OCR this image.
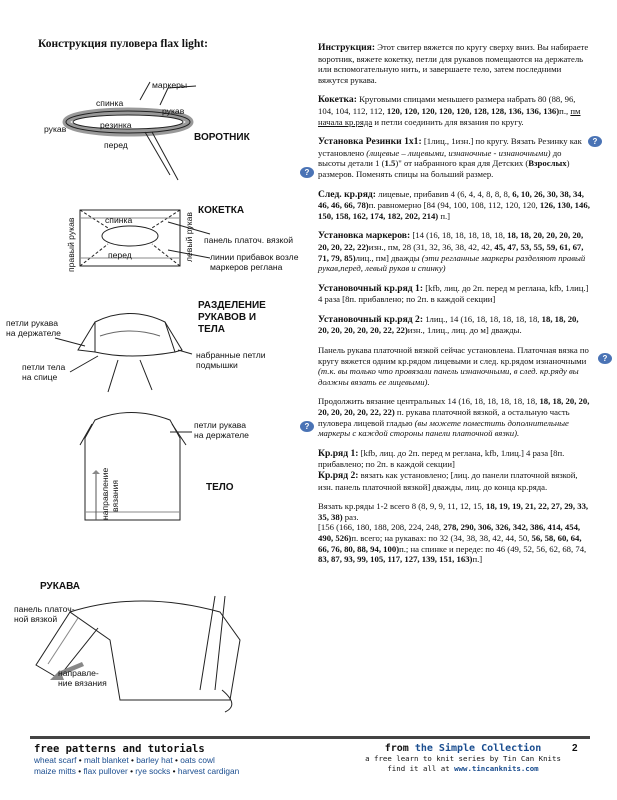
Конструкция пуловера flax light:
маркеры
спинка
рукав
рукав	резинка
перед
ВОРОТНИК
спинка
перед
правый рукав	левый рукав
КОКЕТКА
панель платоч. вязкой
линии прибавок возле
маркеров реглана
РАЗДЕЛЕНИЕ
РУКАВОВ И
ТЕЛА
петли рукава
на держателе
петли тела
на спице
набранные петли
подмышки
петли рукава
на держателе
ТЕЛО
направление вязания
РУКАВА
панель платоч-
ной вязкой
направле-
ние вязания
?
?
?
?

Инструкция: Этот свитер вяжется по кругу сверху вниз. Вы набираете воротник, вяжете кокетку, петли для рукавов помещаются на держатель или вспомогательную нить, и завершаете тело, затем последними вяжутся рукава.

Кокетка: Круговыми спицами меньшего размера набрать 80 (88, 96, 104, 104, 112, 112, 120, 120, 120, 120, 120, 128, 128, 136, 136, 136)п., пм начала кр.ряда и петли соединить для вязания по кругу.

Установка Резинки 1х1: [1лиц., 1изн.] по кругу. Вязать Резинку как установлено (лицевые – лицевыми, изнаночные - изнаночными) до высоты детали 1 (1.5)" от набранного края для Детских (Взрослых) размеров. Поменять спицы на больший размер.

След. кр.ряд: лицевые, прибавив 4 (6, 4, 4, 8, 8, 8, 6, 10, 26, 30, 38, 34, 46, 46, 66, 78)п. равномерно [84 (94, 100, 108, 112, 120, 120, 126, 130, 146, 150, 158, 162, 174, 182, 202, 214) п.]

Установка маркеров: [14 (16, 18, 18, 18, 18, 18, 18, 18, 20, 20, 20, 20, 20, 20, 22, 22)изн., пм, 28 (31, 32, 36, 38, 42, 42, 45, 47, 53, 55, 59, 61, 67, 71, 79, 85)лиц., пм] дважды (эти регланные маркеры разделяют правый рукав,перед, левый рукав и спинку)

Установочный кр.ряд 1: [kfb, лиц. до 2п. перед м реглана, kfb, 1лиц.] 4 раза [8п. прибавлено; по 2п. в каждой секции]

Установочный кр.ряд 2: 1лиц., 14 (16, 18, 18, 18, 18, 18, 18, 18, 20, 20, 20, 20, 20, 20, 22, 22)изн., 1лиц., лиц. до м] дважды.

Панель рукава платочной вязкой сейчас установлена. Платочная вязка по кругу вяжется одним кр.рядом лицевыми и след. кр.рядом изнаночными (т.к. вы только что провязали панель изнаночными, в след. кр.ряду вы должны вязать ее лицевыми).

Продолжить вязание центральных 14 (16, 18, 18, 18, 18, 18, 18, 18, 20, 20, 20, 20, 20, 20, 22, 22) п. рукава платочной вязкой, а остальную часть пуловера лицевой гладью (вы можете поместить дополнительные маркеры с каждой стороны панели платочной вязки).

Кр.ряд 1: [kfb, лиц. до 2п. перед м реглана, kfb, 1лиц.] 4 раза [8п. прибавлено; по 2п. в каждой секции]
Кр.ряд 2: вязать как установлено; [лиц. до панели платочной вязкой, изн. панель платочной вязкой] дважды, лиц. до конца кр.ряда.

Вязать кр.ряды 1-2 всего 8 (8, 9, 9, 11, 12, 15, 18, 19, 19, 21, 22, 27, 29, 33, 35, 38) раз.
[156 (166, 180, 188, 208, 224, 248, 278, 290, 306, 326, 342, 386, 414, 454, 490, 526)п. всего; на рукавах: по 32 (34, 38, 38, 42, 44, 50, 56, 58, 60, 64, 66, 76, 80, 88, 94, 100)п.; на спинке и переде: по 46 (49, 52, 56, 62, 68, 74, 83, 87, 93, 99, 105, 117, 127, 139, 151, 163)п.]

free patterns and tutorials
wheat scarf • malt blanket • barley hat • oats cowl
maize mitts • flax pullover • rye socks • harvest cardigan
from the Simple Collection
a free learn to knit series by Tin Can Knits
find it all at www.tincanknits.com
2
